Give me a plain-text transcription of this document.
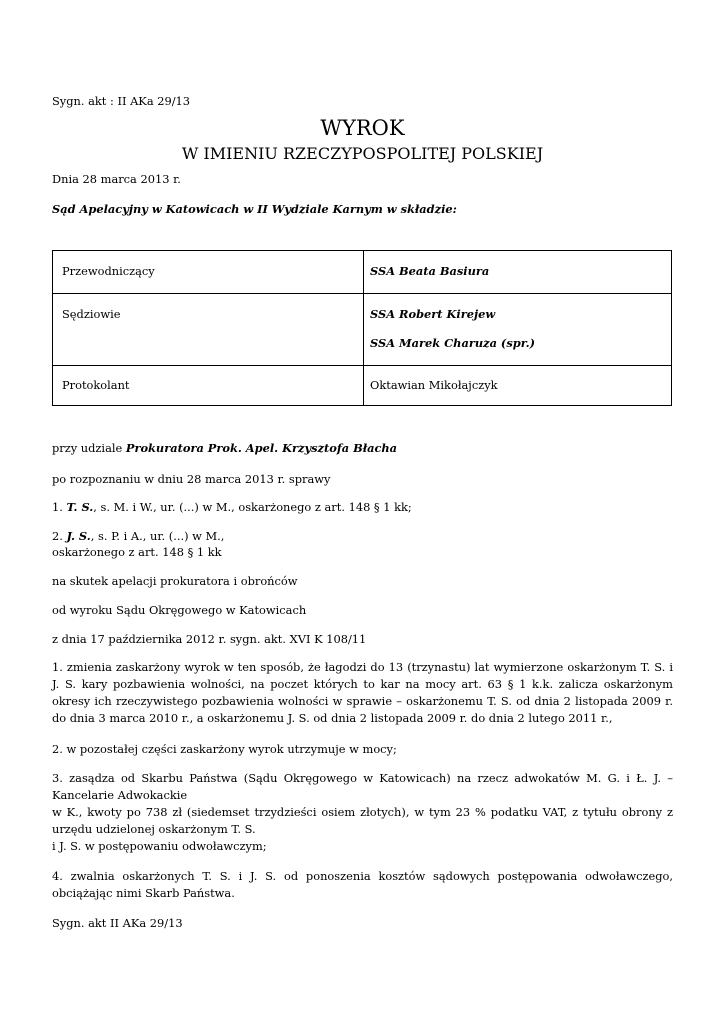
Sygn. akt : II AKa 29/13
WYROK
W IMIENIU RZECZYPOSPOLITEJ POLSKIEJ
Dnia 28 marca 2013 r.
Sąd Apelacyjny w Katowicach w II Wydziale Karnym w składzie:
Przewodniczący	SSA Beata Basiura
Sędziowie	SSA Robert Kirejew
SSA Marek Charuza (spr.)
Protokolant	Oktawian Mikołajczyk
przy udziale Prokuratora Prok. Apel. Krzysztofa Błacha
po rozpoznaniu w dniu 28 marca 2013 r. sprawy
1. T. S., s. M. i W., ur. (...) w M., oskarżonego z art. 148 § 1 kk;
2. J. S., s. P. i A., ur. (...) w M.,
oskarżonego z art. 148 § 1 kk
na skutek apelacji prokuratora i obrońców
od wyroku Sądu Okręgowego w Katowicach
z dnia 17 października 2012 r. sygn. akt. XVI K 108/11
1. zmienia zaskarżony wyrok w ten sposób, że łagodzi do 13 (trzynastu) lat wymierzone oskarżonym T. S. i J. S. kary pozbawienia wolności, na poczet których to kar na mocy art. 63 § 1 k.k. zalicza oskarżonym okresy ich rzeczywistego pozbawienia wolności w sprawie – oskarżonemu T. S. od dnia 2 listopada 2009 r. do dnia 3 marca 2010 r., a oskarżonemu J. S. od dnia 2 listopada 2009 r. do dnia 2 lutego 2011 r.,
2. w pozostałej części zaskarżony wyrok utrzymuje w mocy;
3. zasądza od Skarbu Państwa (Sądu Okręgowego w Katowicach) na rzecz adwokatów M. G. i Ł. J. – Kancelarie Adwokackie
w K., kwoty po 738 zł (siedemset trzydzieści osiem złotych), w tym 23 % podatku VAT, z tytułu obrony z urzędu udzielonej oskarżonym T. S.
i J. S. w postępowaniu odwoławczym;
4. zwalnia oskarżonych T. S. i J. S. od ponoszenia kosztów sądowych postępowania odwoławczego, obciążając nimi Skarb Państwa.
Sygn. akt II AKa 29/13
